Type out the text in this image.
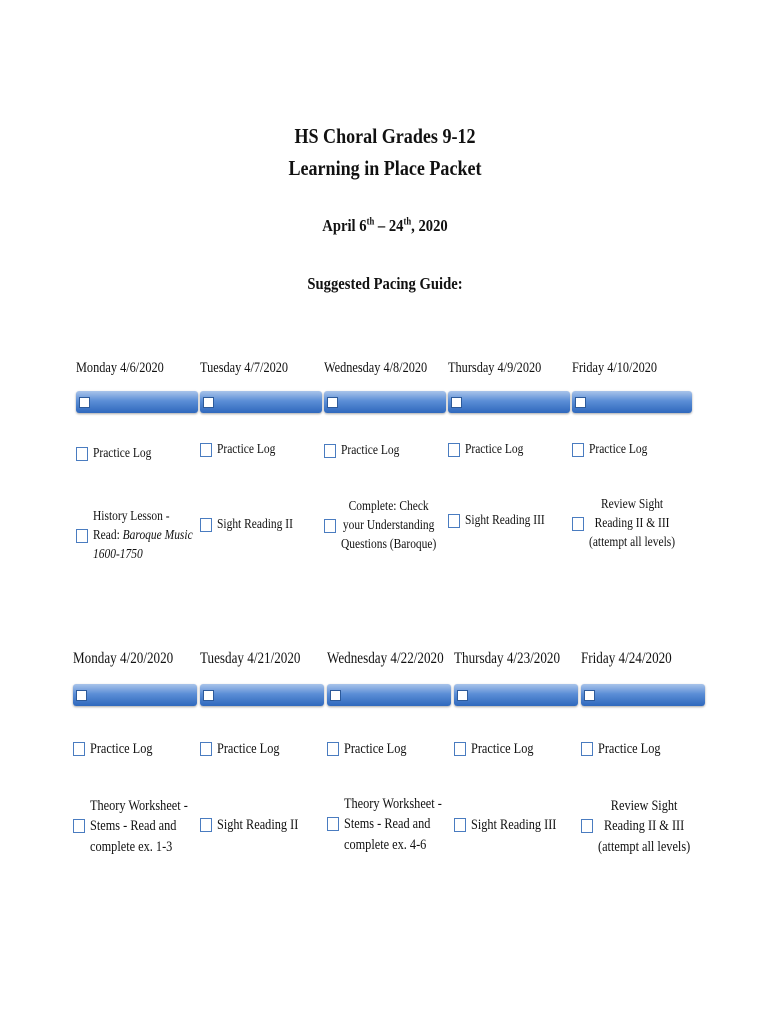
HS Choral Grades 9-12
Learning in Place Packet
April 6th – 24th, 2020
Suggested Pacing Guide:
Monday 4/6/2020
Practice Log
History Lesson -
Read: Baroque Music
1600-1750
Tuesday 4/7/2020
Practice Log
Sight Reading II
Wednesday 4/8/2020
Practice Log
Complete: Check
your Understanding
Questions (Baroque)
Thursday 4/9/2020
Practice Log
Sight Reading III
Friday 4/10/2020
Practice Log
Review Sight
Reading II & III
(attempt all levels)
Monday 4/20/2020
Practice Log
Theory Worksheet -
Stems - Read and
complete ex. 1-3
Tuesday 4/21/2020
Practice Log
Sight Reading II
Wednesday 4/22/2020
Practice Log
Theory Worksheet -
Stems - Read and
complete ex. 4-6
Thursday 4/23/2020
Practice Log
Sight Reading III
Friday 4/24/2020
Practice Log
Review Sight
Reading II & III
(attempt all levels)
